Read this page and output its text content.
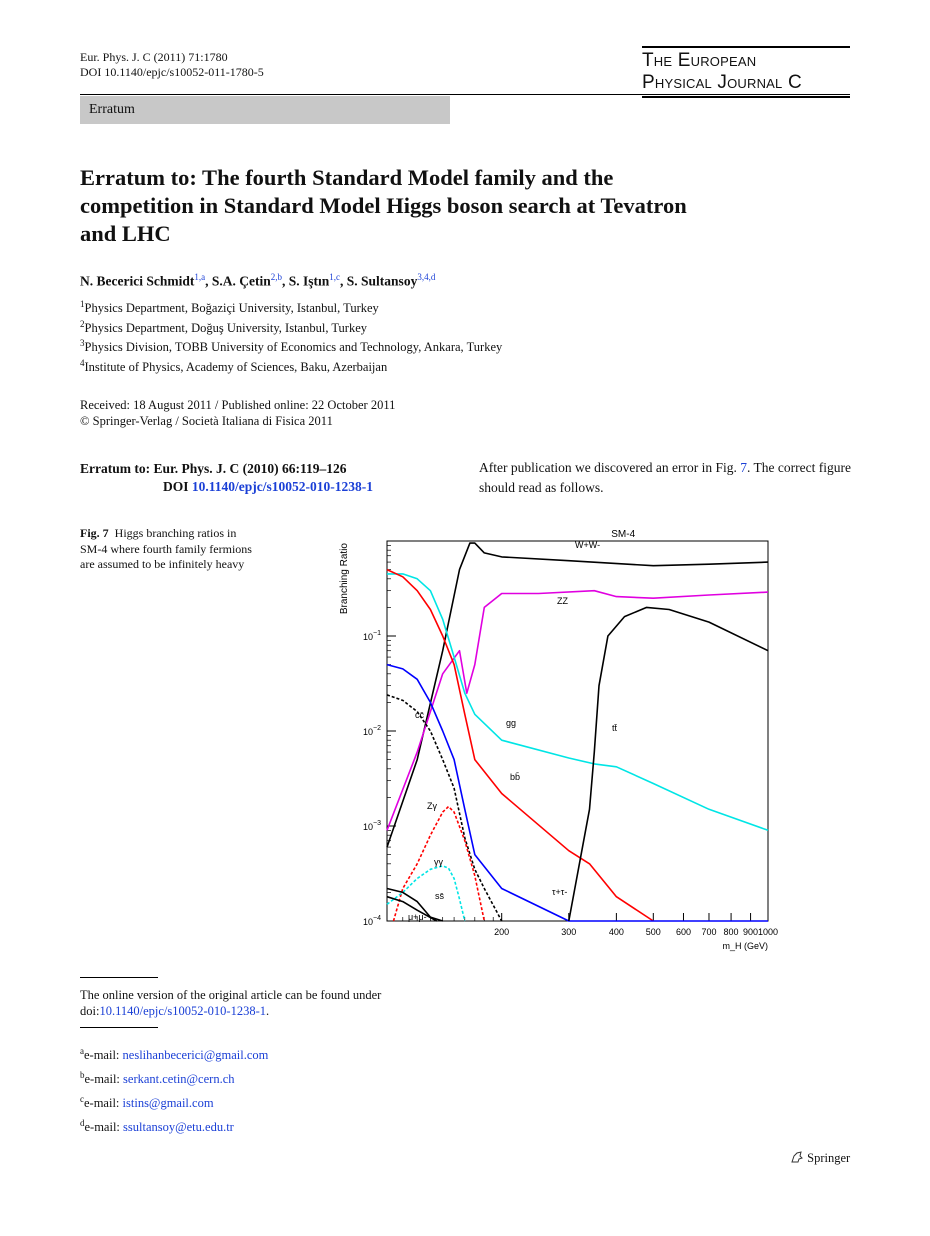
Eur. Phys. J. C (2011) 71:1780
DOI 10.1140/epjc/s10052-011-1780-5
The European
Physical Journal C
Erratum
Erratum to: The fourth Standard Model family and the competition in Standard Model Higgs boson search at Tevatron and LHC
N. Becerici Schmidt$^{1,a}$, S.A. Çetin$^{2,b}$, S. Iştın$^{1,c}$, S. Sultansoy$^{3,4,d}$
$^1$Physics Department, Boğaziçi University, Istanbul, Turkey
$^2$Physics Department, Doğuş University, Istanbul, Turkey
$^3$Physics Division, TOBB University of Economics and Technology, Ankara, Turkey
$^4$Institute of Physics, Academy of Sciences, Baku, Azerbaijan
Received: 18 August 2011 / Published online: 22 October 2011
© Springer-Verlag / Società Italiana di Fisica 2011
Erratum to: Eur. Phys. J. C (2010) 66:119–126
DOI 10.1140/epjc/s10052-010-1238-1
After publication we discovered an error in Fig. 7. The correct figure should read as follows.
Fig. 7 Higgs branching ratios in SM-4 where fourth family fermions are assumed to be infinitely heavy
SM-4
Branching Ratio
$10^{-4}$
$10^{-3}$
$10^{-2}$
$10^{-1}$
200	300	400 500 600 700 800 900 1000
m_H (GeV)
W+W-
ZZ
gg
bb̄
τ+τ-
cc̄
Zγ
γγ
ss̄
μ+μ-
tt̄
The online version of the original article can be found under
doi:10.1140/epjc/s10052-010-1238-1.
$^a$e-mail: neslihanbecerici@gmail.com
$^b$e-mail: serkant.cetin@cern.ch
$^c$e-mail: istins@gmail.com
$^d$e-mail: ssultansoy@etu.edu.tr
Springer
